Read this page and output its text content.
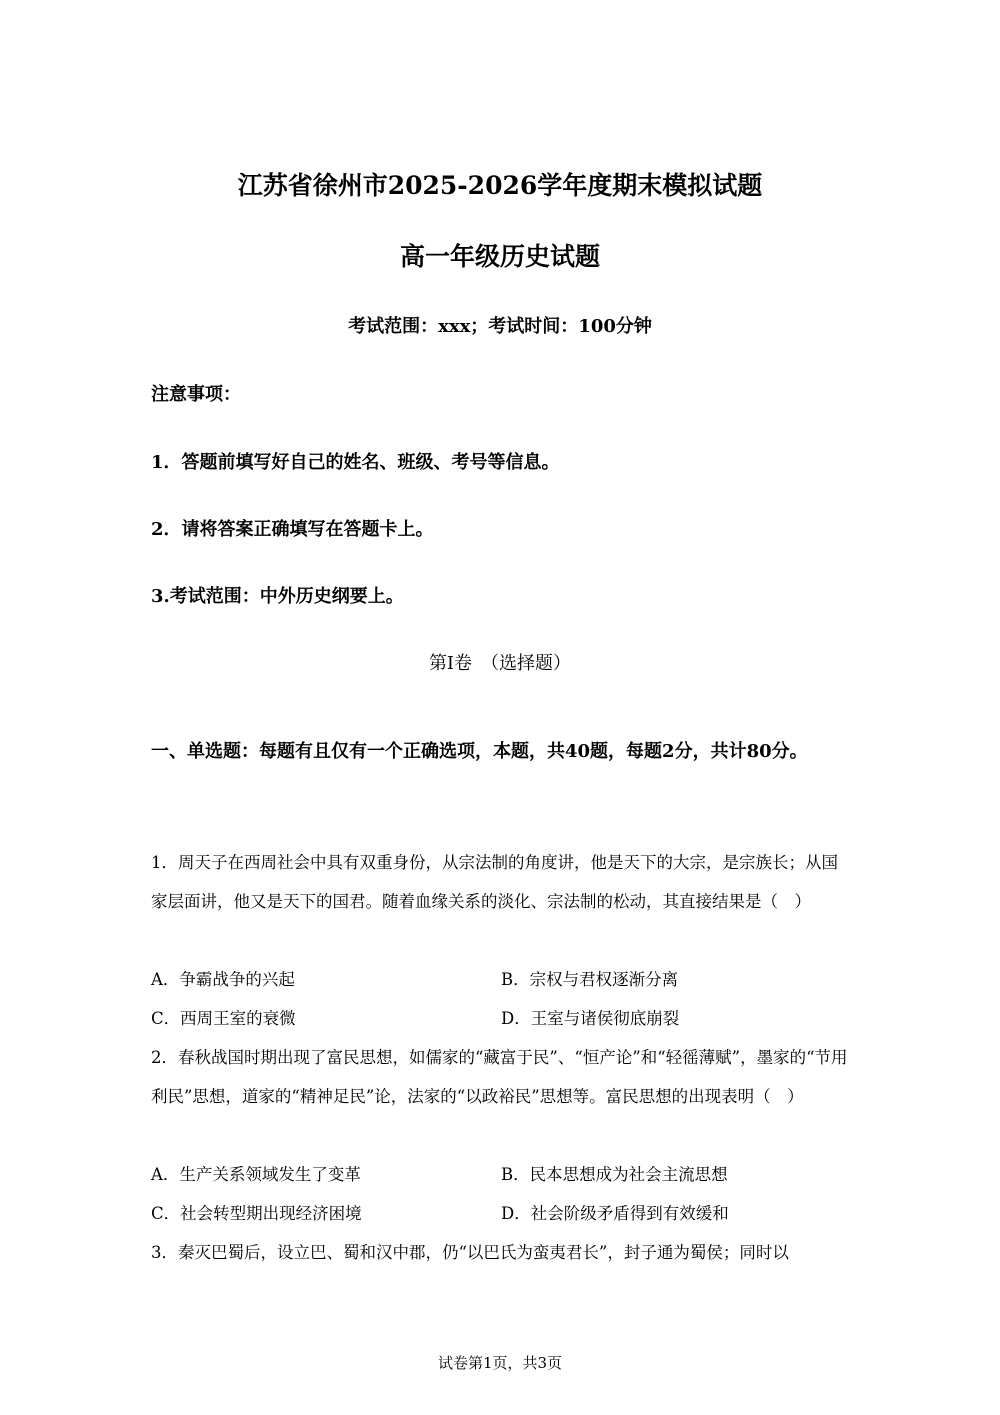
江苏省徐州市2025-2026学年度期末模拟试题
高一年级历史试题
考试范围：xxx；考试时间：100分钟
注意事项：
1．答题前填写好自己的姓名、班级、考号等信息。
2．请将答案正确填写在答题卡上。
3.考试范围：中外历史纲要上。
第I卷　（选择题）
一、单选题：每题有且仅有一个正确选项，本题，共40题，每题2分，共计80分。
1．周天子在西周社会中具有双重身份，从宗法制的角度讲，他是天下的大宗，是宗族长；从国家层面讲，他又是天下的国君。随着血缘关系的淡化、宗法制的松动，其直接结果是（　）
A．争霸战争的兴起	B．宗权与君权逐渐分离
C．西周王室的衰微	D．王室与诸侯彻底崩裂
2．春秋战国时期出现了富民思想，如儒家的“藏富于民”、“恒产论”和“轻徭薄赋”，墨家的“节用利民”思想，道家的“精神足民”论，法家的“以政裕民”思想等。富民思想的出现表明（　）
A．生产关系领域发生了变革	B．民本思想成为社会主流思想
C．社会转型期出现经济困境	D．社会阶级矛盾得到有效缓和
3．秦灭巴蜀后，设立巴、蜀和汉中郡，仍“以巴氏为蛮夷君长”，封子通为蜀侯；同时以
试卷第1页，共3页
